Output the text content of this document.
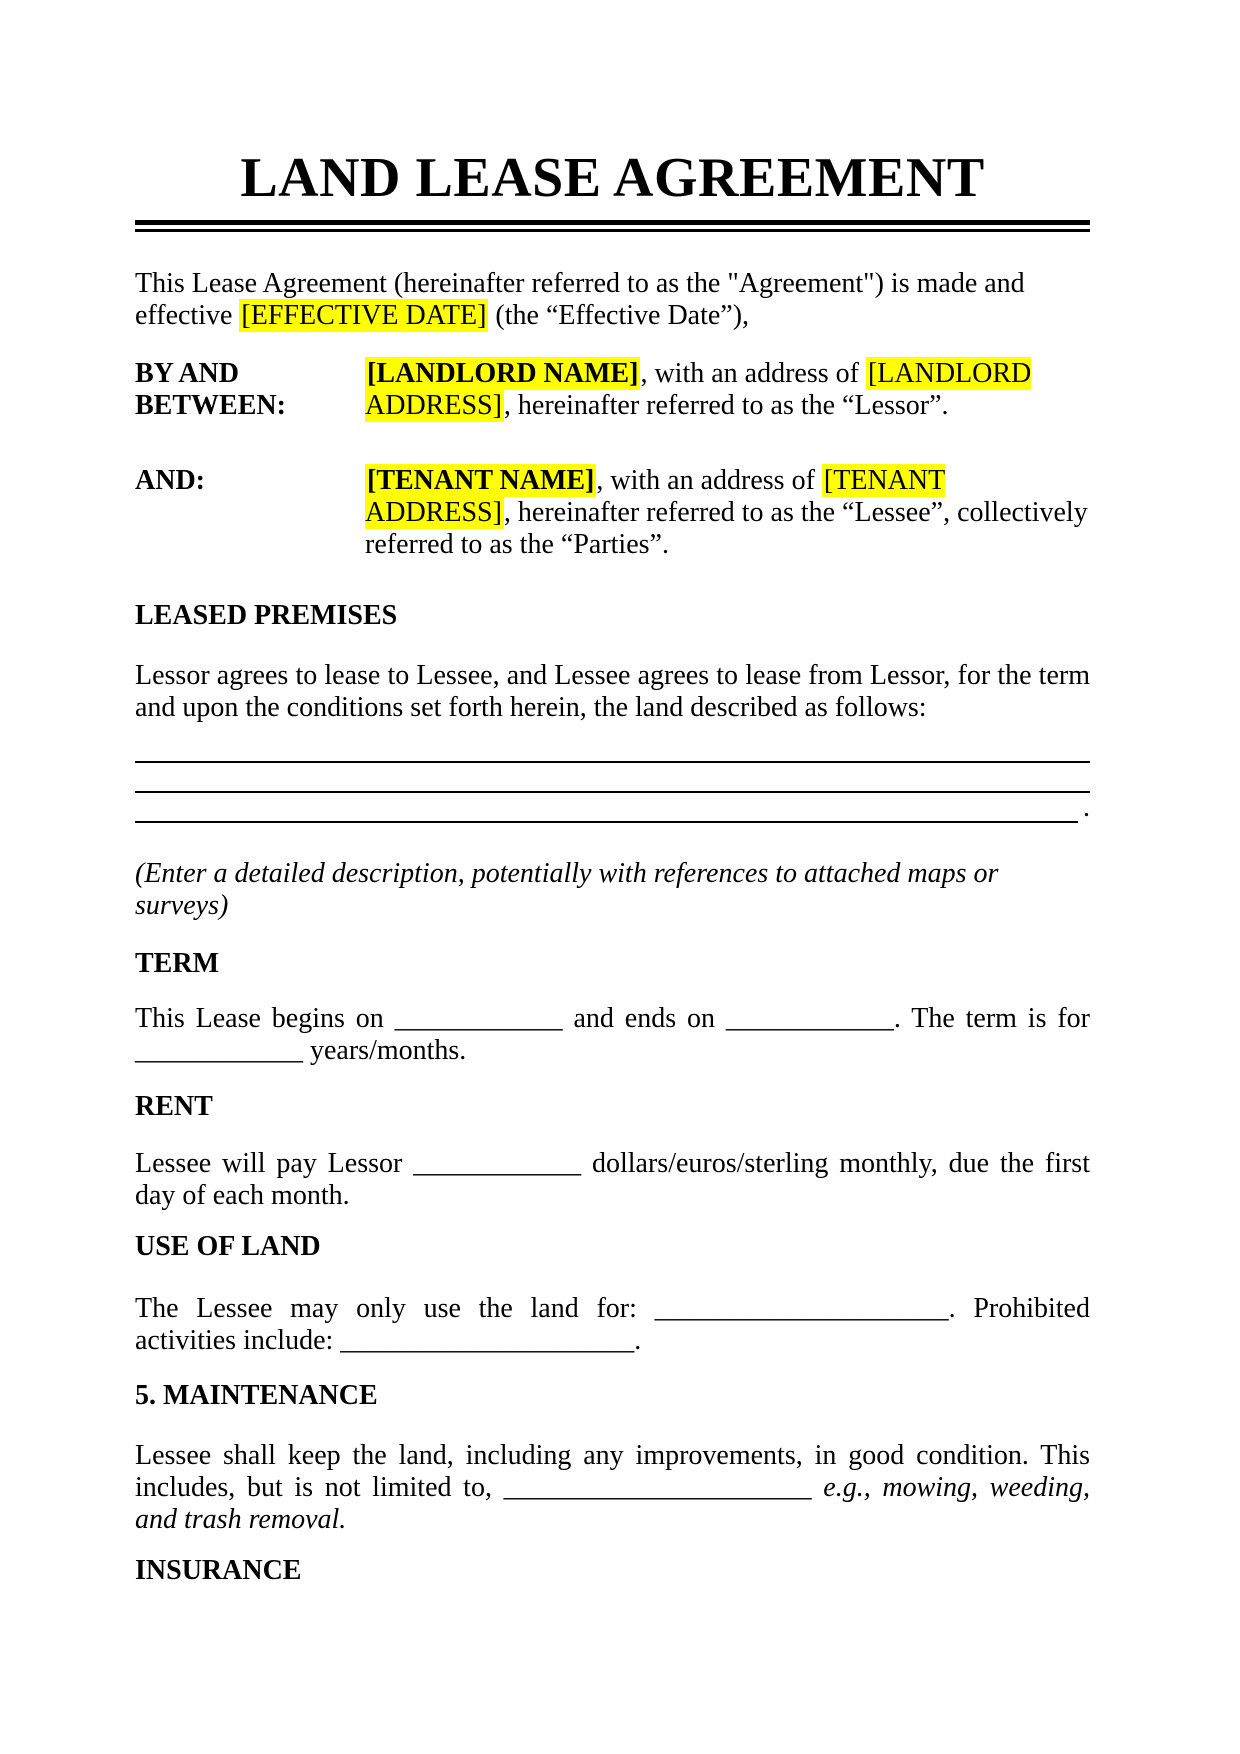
LAND LEASE AGREEMENT

This Lease Agreement (hereinafter referred to as the "Agreement") is made and effective [EFFECTIVE DATE] (the “Effective Date”),

BY AND BETWEEN:
[LANDLORD NAME], with an address of [LANDLORD ADDRESS], hereinafter referred to as the “Lessor”.
AND:	[TENANT NAME], with an address of [TENANT ADDRESS], hereinafter referred to as the “Lessee”, collectively referred to as the “Parties”.
LEASED PREMISES

Lessor agrees to lease to Lessee, and Lessee agrees to lease from Lessor, for the term and upon the conditions set forth herein, the land described as follows:

.

(Enter a detailed description, potentially with references to attached maps or surveys)

TERM

This Lease begins on ____________ and ends on ____________. The term is for ____________ years/months.

RENT

Lessee will pay Lessor ____________ dollars/euros/sterling monthly, due the first day of each month.

USE OF LAND

The Lessee may only use the land for: _____________________. Prohibited activities include: _____________________.

5. MAINTENANCE

Lessee shall keep the land, including any improvements, in good condition. This includes, but is not limited to, ______________________ e.g., mowing, weeding, and trash removal.

INSURANCE
